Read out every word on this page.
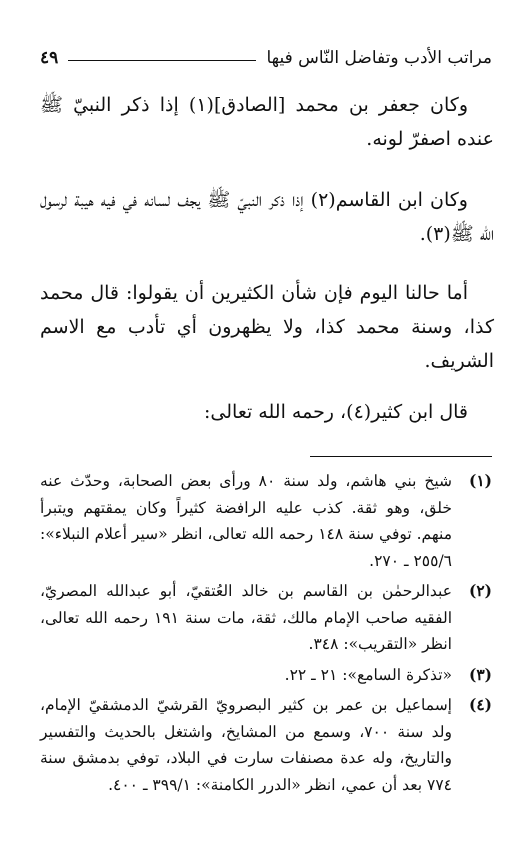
مراتب الأدب وتفاضل النّاس فيها
٤٩

وكان جعفر بن محمد [الصادق](١) إذا ذكر النبيّ ﷺ عنده اصفرّ لونه.

وكان ابن القاسم(٢) إذا ذكر النبيّ ﷺ يجف لسانه في فيه هيبة لرسول الله ﷺ(٣).

أما حالنا اليوم فإن شأن الكثيرين أن يقولوا: قال محمد كذا، وسنة محمد كذا، ولا يظهرون أي تأدب مع الاسم الشريف.

قال ابن كثير(٤)، رحمه الله تعالى:

(١)
شيخ بني هاشم، ولد سنة ٨٠ ورأى بعض الصحابة، وحدّث عنه خلق، وهو ثقة. كذب عليه الرافضة كثيراً وكان يمقتهم ويتبرأ منهم. توفي سنة ١٤٨ رحمه الله تعالى، انظر «سير أعلام النبلاء»: ٢٥٥/٦ ـ ٢٧٠.
(٢)
عبدالرحمٰن بن القاسم بن خالد العُتقيّ، أبو عبدالله المصريّ، الفقيه صاحب الإمام مالك، ثقة، مات سنة ١٩١ رحمه الله تعالى، انظر «التقريب»: ٣٤٨.
(٣)
«تذكرة السامع»: ٢١ ـ ٢٢.
(٤)
إسماعيل بن عمر بن كثير البصرويّ القرشيّ الدمشقيّ الإمام، ولد سنة ٧٠٠، وسمع من المشايخ، واشتغل بالحديث والتفسير والتاريخ، وله عدة مصنفات سارت في البلاد، توفي بدمشق سنة ٧٧٤ بعد أن عمي، انظر «الدرر الكامنة»: ٣٩٩/١ ـ ٤٠٠.
